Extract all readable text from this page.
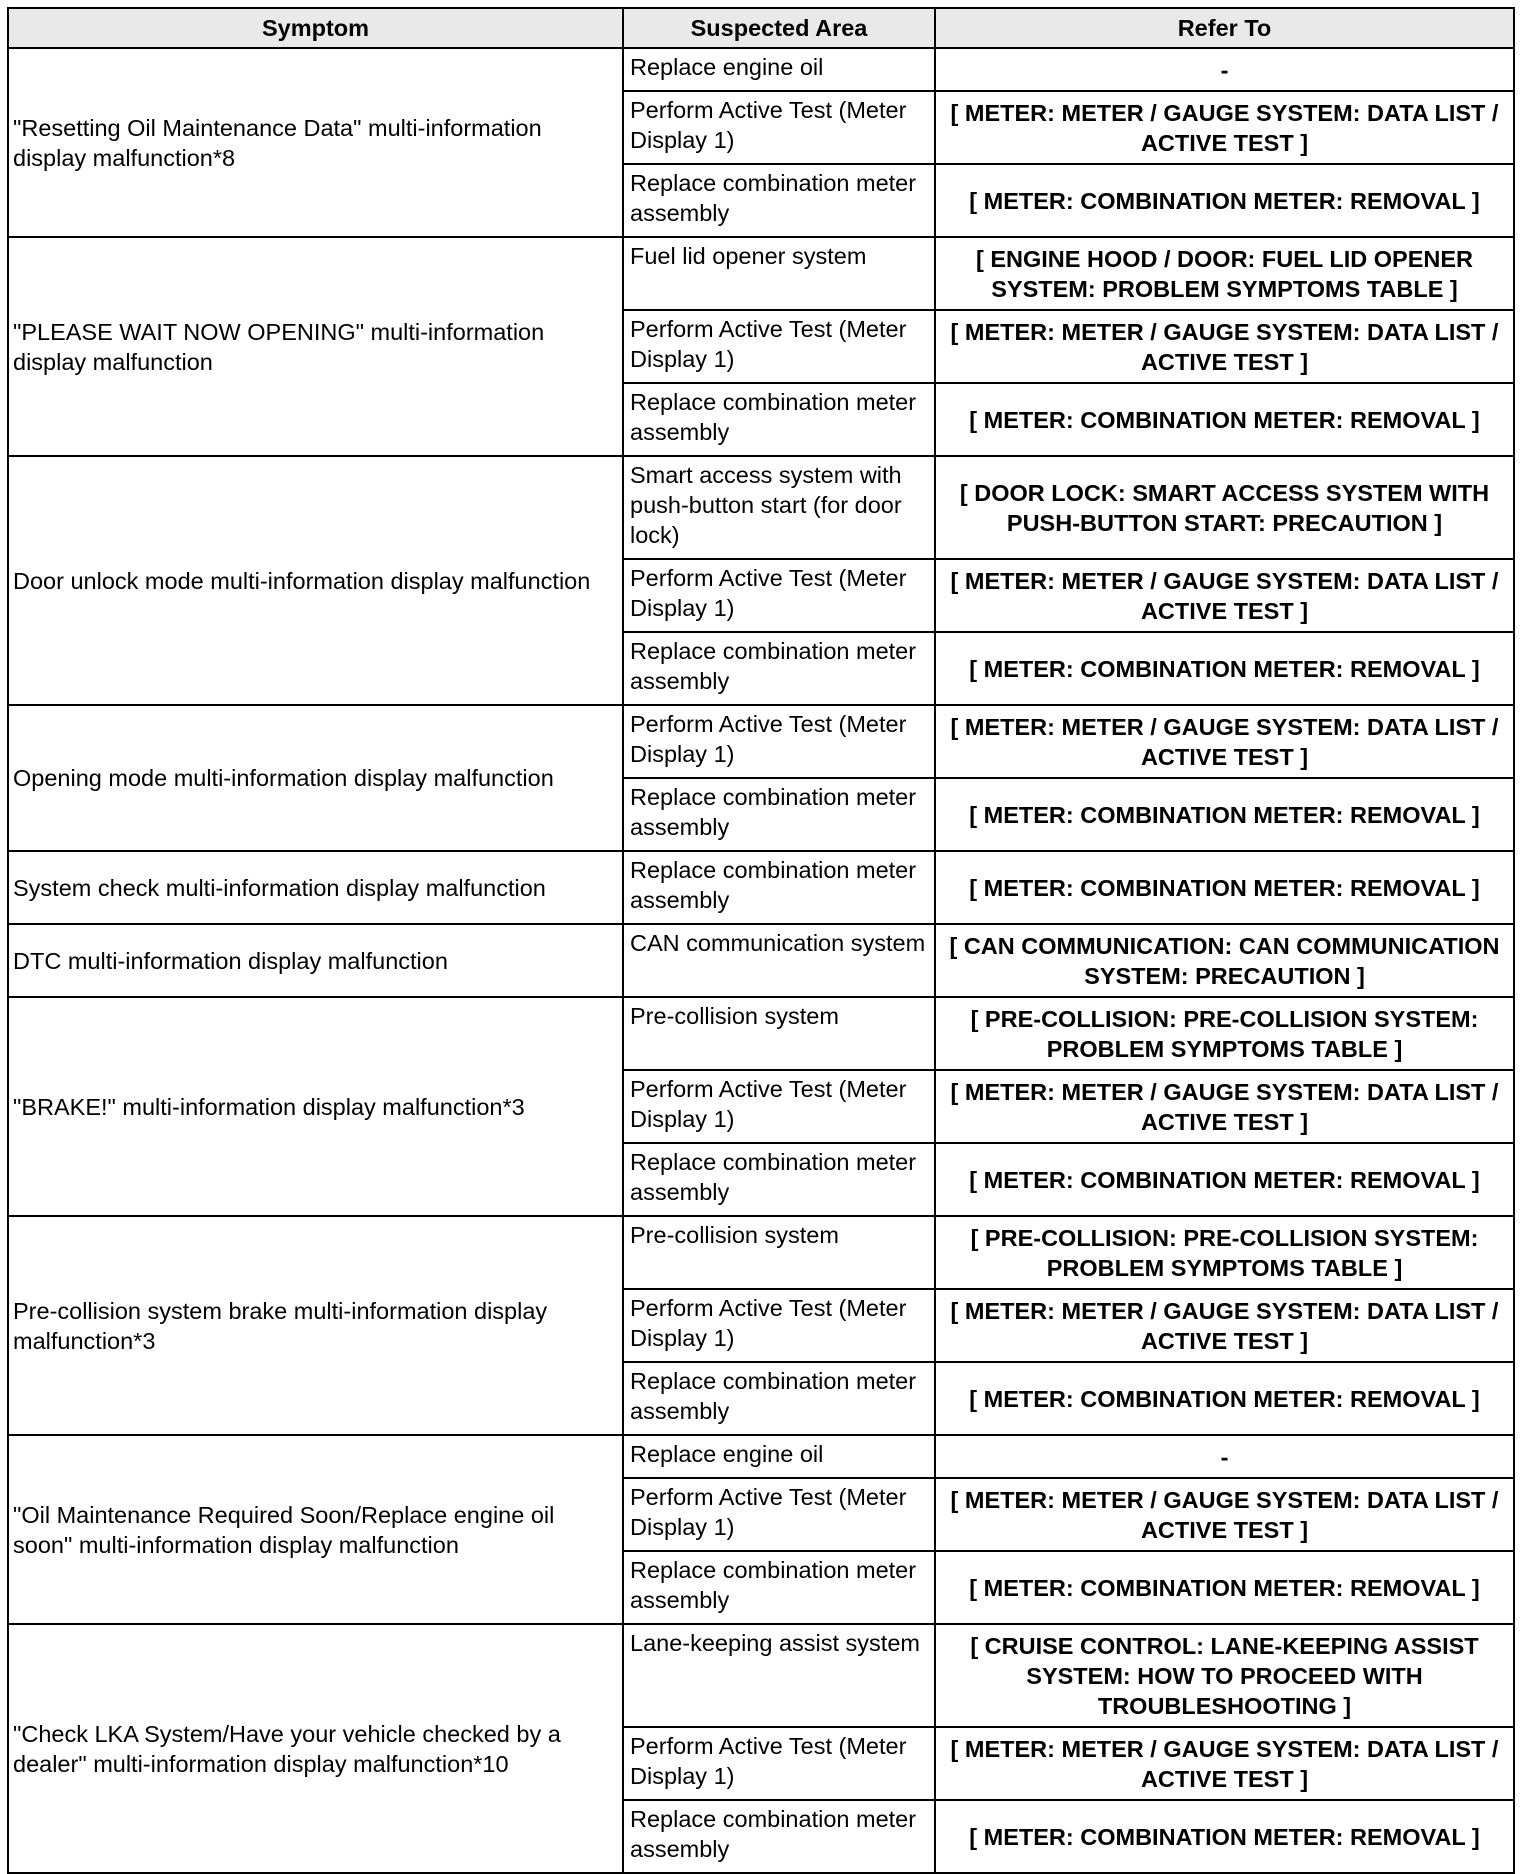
Symptom	Suspected Area	Refer To
"Resetting Oil Maintenance Data" multi-information display malfunction*8	Replace engine oil	-
	Perform Active Test (Meter Display 1)	[ METER: METER / GAUGE SYSTEM: DATA LIST / ACTIVE TEST ]
	Replace combination meter assembly	[ METER: COMBINATION METER: REMOVAL ]
"PLEASE WAIT NOW OPENING" multi-information display malfunction	Fuel lid opener system	[ ENGINE HOOD / DOOR: FUEL LID OPENER SYSTEM: PROBLEM SYMPTOMS TABLE ]
	Perform Active Test (Meter Display 1)	[ METER: METER / GAUGE SYSTEM: DATA LIST / ACTIVE TEST ]
	Replace combination meter assembly	[ METER: COMBINATION METER: REMOVAL ]
Door unlock mode multi-information display malfunction	Smart access system with push-button start (for door lock)	[ DOOR LOCK: SMART ACCESS SYSTEM WITH PUSH-BUTTON START: PRECAUTION ]
	Perform Active Test (Meter Display 1)	[ METER: METER / GAUGE SYSTEM: DATA LIST / ACTIVE TEST ]
	Replace combination meter assembly	[ METER: COMBINATION METER: REMOVAL ]
Opening mode multi-information display malfunction	Perform Active Test (Meter Display 1)	[ METER: METER / GAUGE SYSTEM: DATA LIST / ACTIVE TEST ]
	Replace combination meter assembly	[ METER: COMBINATION METER: REMOVAL ]
System check multi-information display malfunction	Replace combination meter assembly	[ METER: COMBINATION METER: REMOVAL ]
DTC multi-information display malfunction	CAN communication system	[ CAN COMMUNICATION: CAN COMMUNICATION SYSTEM: PRECAUTION ]
"BRAKE!" multi-information display malfunction*3	Pre-collision system	[ PRE-COLLISION: PRE-COLLISION SYSTEM: PROBLEM SYMPTOMS TABLE ]
	Perform Active Test (Meter Display 1)	[ METER: METER / GAUGE SYSTEM: DATA LIST / ACTIVE TEST ]
	Replace combination meter assembly	[ METER: COMBINATION METER: REMOVAL ]
Pre-collision system brake multi-information display malfunction*3	Pre-collision system	[ PRE-COLLISION: PRE-COLLISION SYSTEM: PROBLEM SYMPTOMS TABLE ]
	Perform Active Test (Meter Display 1)	[ METER: METER / GAUGE SYSTEM: DATA LIST / ACTIVE TEST ]
	Replace combination meter assembly	[ METER: COMBINATION METER: REMOVAL ]
"Oil Maintenance Required Soon/Replace engine oil soon" multi-information display malfunction	Replace engine oil	-
	Perform Active Test (Meter Display 1)	[ METER: METER / GAUGE SYSTEM: DATA LIST / ACTIVE TEST ]
	Replace combination meter assembly	[ METER: COMBINATION METER: REMOVAL ]
"Check LKA System/Have your vehicle checked by a dealer" multi-information display malfunction*10	Lane-keeping assist system	[ CRUISE CONTROL: LANE-KEEPING ASSIST SYSTEM: HOW TO PROCEED WITH TROUBLESHOOTING ]
	Perform Active Test (Meter Display 1)	[ METER: METER / GAUGE SYSTEM: DATA LIST / ACTIVE TEST ]
	Replace combination meter assembly	[ METER: COMBINATION METER: REMOVAL ]
